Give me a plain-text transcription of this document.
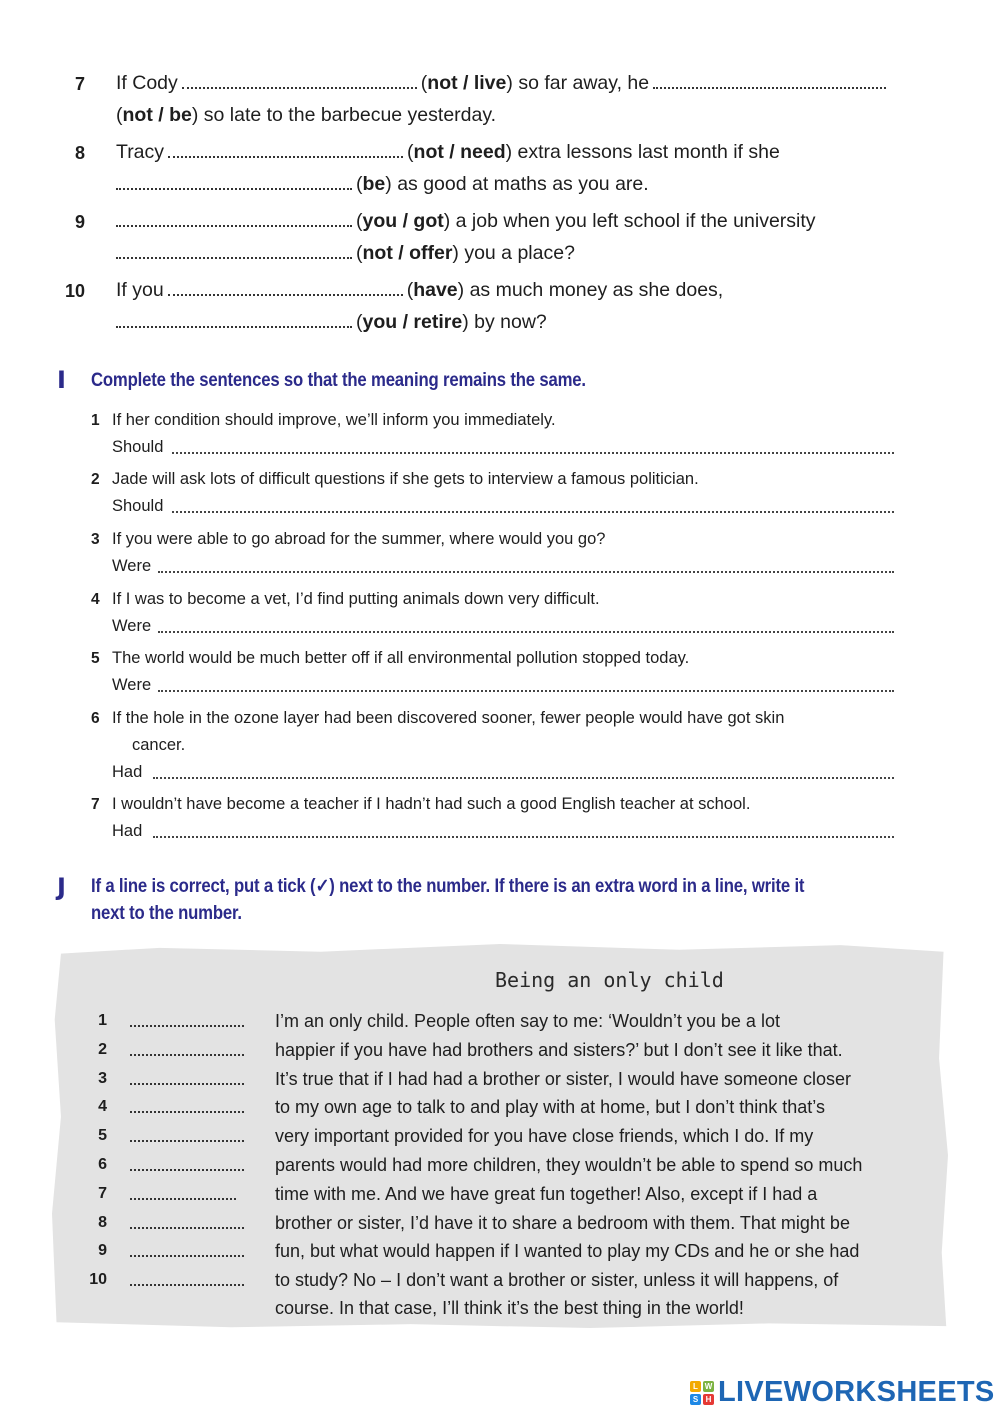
7 If Cody	(not / live) so far away, he
(not / be) so late to the barbecue yesterday.
8 Tracy	(not / need) extra lessons last month if she
(be) as good at maths as you are.
9	(you / got) a job when you left school if the university
(not / offer) you a place?
10 If you	(have) as much money as she does,
(you / retire) by now?
I Complete the sentences so that the meaning remains the same.
1 If her condition should improve, we’ll inform you immediately.
Should
2 Jade will ask lots of difficult questions if she gets to interview a famous politician.
Should
3 If you were able to go abroad for the summer, where would you go?
Were
4 If I was to become a vet, I’d find putting animals down very difficult.
Were
5 The world would be much better off if all environmental pollution stopped today.
Were
6 If the hole in the ozone layer had been discovered sooner, fewer people would have got skin
cancer.
Had
7 I wouldn’t have become a teacher if I hadn’t had such a good English teacher at school.
Had
J If a line is correct, put a tick (✓) next to the number. If there is an extra word in a line, write it
next to the number.
Being an only child
1	I’m an only child. People often say to me: ‘Wouldn’t you be a lot
2	happier if you have had brothers and sisters?’ but I don’t see it like that.
3	It’s true that if I had had a brother or sister, I would have someone closer
4	to my own age to talk to and play with at home, but I don’t think that’s
5	very important provided for you have close friends, which I do. If my
6	parents would had more children, they wouldn’t be able to spend so much
7	time with me. And we have great fun together! Also, except if I had a
8	brother or sister, I’d have it to share a bedroom with them. That might be
9	fun, but what would happen if I wanted to play my CDs and he or she had
10	to study? No – I don’t want a brother or sister, unless it will happens, of
course. In that case, I’ll think it’s the best thing in the world!
L W
S H LIVEWORKSHEETS
